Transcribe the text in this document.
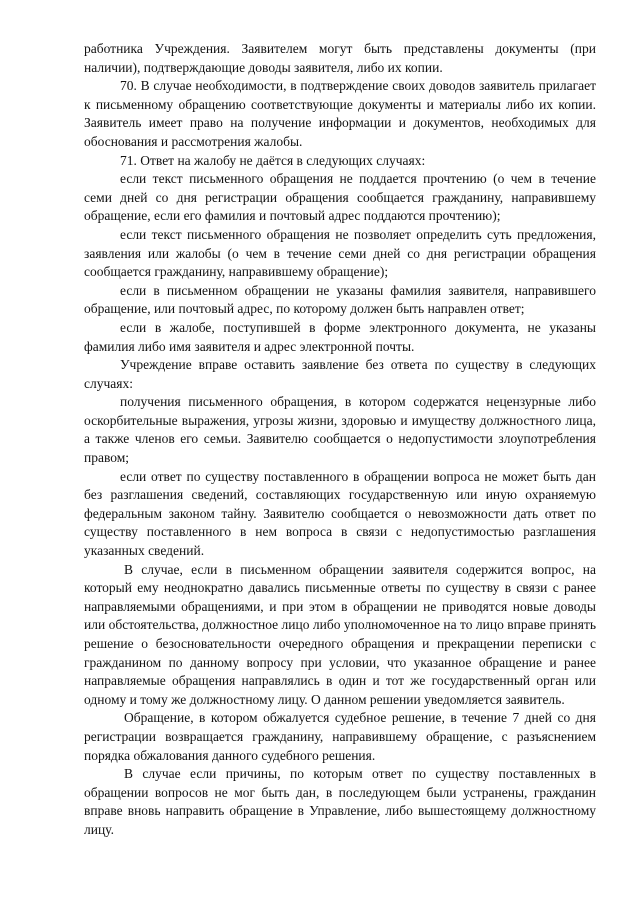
работника Учреждения. Заявителем могут быть представлены документы (при наличии), подтверждающие доводы заявителя, либо их копии.

70. В случае необходимости, в подтверждение своих доводов заявитель прилагает к письменному обращению соответствующие документы и материалы либо их копии. Заявитель имеет право на получение информации и документов, необходимых для обоснования и рассмотрения жалобы.

71. Ответ на жалобу не даётся в следующих случаях:

если текст письменного обращения не поддается прочтению (о чем в течение семи дней со дня регистрации обращения сообщается гражданину, направившему обращение, если его фамилия и почтовый адрес поддаются прочтению);

если текст письменного обращения не позволяет определить суть предложения, заявления или жалобы (о чем в течение семи дней со дня регистрации обращения сообщается гражданину, направившему обращение);

если в письменном обращении не указаны фамилия заявителя, направившего обращение, или почтовый адрес, по которому должен быть направлен ответ;

если в жалобе, поступившей в форме электронного документа, не указаны фамилия либо имя заявителя и адрес электронной почты.

Учреждение вправе оставить заявление без ответа по существу в следующих случаях:

получения письменного обращения, в котором содержатся нецензурные либо оскорбительные выражения, угрозы жизни, здоровью и имуществу должностного лица, а также членов его семьи. Заявителю сообщается о недопустимости злоупотребления правом;

если ответ по существу поставленного в обращении вопроса не может быть дан без разглашения сведений, составляющих государственную или иную охраняемую федеральным законом тайну. Заявителю сообщается о невозможности дать ответ по существу поставленного в нем вопроса в связи с недопустимостью разглашения указанных сведений.

В случае, если в письменном обращении заявителя содержится вопрос, на который ему неоднократно давались письменные ответы по существу в связи с ранее направляемыми обращениями, и при этом в обращении не приводятся новые доводы или обстоятельства, должностное лицо либо уполномоченное на то лицо вправе принять решение о безосновательности очередного обращения и прекращении переписки с гражданином по данному вопросу при условии, что указанное обращение и ранее направляемые обращения направлялись в один и тот же государственный орган или одному и тому же должностному лицу. О данном решении уведомляется заявитель.

Обращение, в котором обжалуется судебное решение, в течение 7 дней со дня регистрации возвращается гражданину, направившему обращение, с разъяснением порядка обжалования данного судебного решения.

В случае если причины, по которым ответ по существу поставленных в обращении вопросов не мог быть дан, в последующем были устранены, гражданин вправе вновь направить обращение в Управление, либо вышестоящему должностному лицу.
